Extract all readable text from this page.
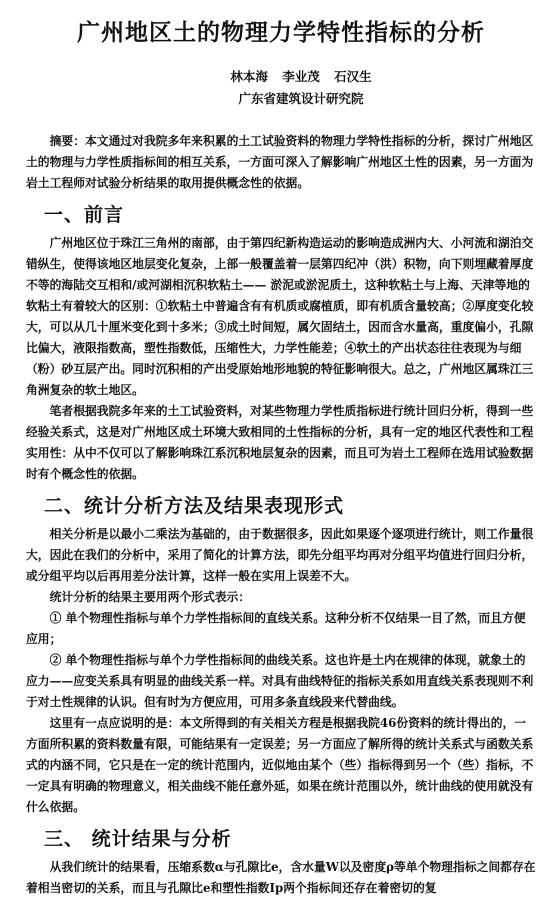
广州地区土的物理力学特性指标的分析
林本海 李业茂 石汉生
广东省建筑设计研究院

摘要：本文通过对我院多年来积累的土工试验资料的物理力学特性指标的分析，探讨广州地区土的物理与力学性质指标间的相互关系，一方面可深入了解影响广州地区土性的因素，另一方面为岩土工程师对试验分析结果的取用提供概念性的依据。

一、前言

广州地区位于珠江三角州的南部，由于第四纪新构造运动的影响造成洲内大、小河流和湖泊交错纵生，使得该地区地层变化复杂，上部一般覆盖着一层第四纪冲（洪）积物，向下则埋藏着厚度不等的海陆交互相和/或河湖相沉积软粘土—— 淤泥或淤泥质土，这种软粘土与上海、天津等地的软粘土有着较大的区别：①软粘土中普遍含有有机质或腐植质，即有机质含量较高；②厚度变化较大，可以从几十厘米变化到十多米；③成土时间短，属欠固结土，因而含水量高，重度偏小，孔隙比偏大，液限指数高，塑性指数低，压缩性大，力学性能差；④软土的产出状态往往表现为与细（粉）砂互层产出。同时沉积相的产出受原始地形地貌的特征影响很大。总之，广州地区属珠江三角洲复杂的软土地区。

笔者根据我院多年来的土工试验资料，对某些物理力学性质指标进行统计回归分析，得到一些经验关系式，这是对广州地区成土环境大致相同的土性指标的分析，具有一定的地区代表性和工程实用性：从中不仅可以了解影响珠江系沉积地层复杂的因素，而且可为岩土工程师在选用试验数据时有个概念性的依据。

二、统计分析方法及结果表现形式

相关分析是以最小二乘法为基础的，由于数据很多，因此如果逐个逐项进行统计，则工作量很大，因此在我们的分析中，采用了简化的计算方法，即先分组平均再对分组平均值进行回归分析，或分组平均以后再用差分法计算，这样一般在实用上误差不大。

统计分析的结果主要用两个形式表示：

① 单个物理性指标与单个力学性指标间的直线关系。这种分析不仅结果一目了然，而且方便应用；

② 单个物理性指标与单个力学性指标间的曲线关系。这也许是土内在规律的体现，就象土的应力——应变关系具有明显的曲线关系一样。对具有曲线特征的指标关系如用直线关系表现则不利于对土性规律的认识。但有时为方便应用，可用多条直线段来代替曲线。

这里有一点应说明的是：本文所得到的有关相关方程是根据我院46份资料的统计得出的，一方面所积累的资料数量有限，可能结果有一定误差；另一方面应了解所得的统计关系式与函数关系式的内涵不同，它只是在一定的统计范围内，近似地由某个（些）指标得到另一个（些）指标，不一定具有明确的物理意义，相关曲线不能任意外延，如果在统计范围以外，统计曲线的使用就没有什么依据。

三、 统计结果与分析

从我们统计的结果看，压缩系数α与孔隙比e，含水量W以及密度ρ等单个物理指标之间都存在着相当密切的关系，而且与孔隙比e和塑性指数Ip两个指标间还存在着密切的复
